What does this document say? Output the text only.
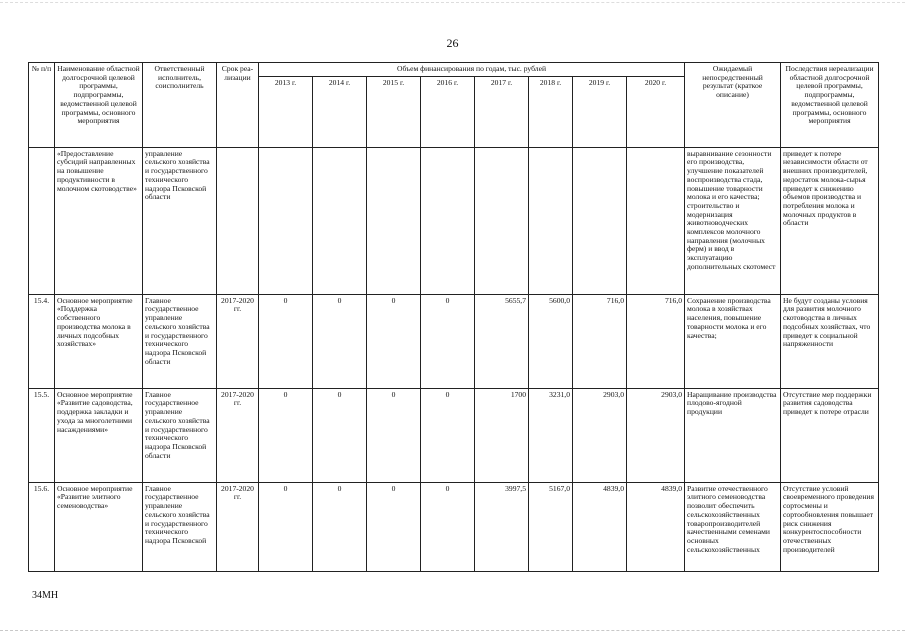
26
№ п/п	Наименование областной долгосрочной целевой программы, подпрограммы, ведомственной целевой программы, основного мероприятия	Ответственный исполнитель, соисполнитель	Срок реа-лизации	Объем финансирования по годам, тыс. рублей								Ожидаемый непосредственный результат (краткое описание)	Последствия нереализации областной долгосрочной целевой программы, подпрограммы, ведомственной целевой программы, основного мероприятия
				2013 г.	2014 г.	2015 г.	2016 г.	2017 г.	2018 г.	2019 г.	2020 г.		
	«Предоставление субсидий направленных на повышение продуктивности в молочном скотоводстве»	управление сельского хозяйства и государственного технического надзора Псковской области										выравнивание сезонности его производства, улучшение показателей воспроизводства стада, повышение товарности молока и его качества; строительство и модернизация животноводческих комплексов молочного направления (молочных ферм) и ввод в эксплуатацию дополнительных скотомест	приведет к потере независимости области от внешних производителей, недостаток молока-сырья приведет к снижению объемов производства и потребления молока и молочных продуктов в области
15.4.	Основное мероприятие «Поддержка собственного производства молока в личных подсобных хозяйствах»	Главное государственное управление сельского хозяйства и государственного технического надзора Псковской области	2017-2020 гг.	0	0	0	0	5655,7	5600,0	716,0	716,0	Сохранение производства молока в хозяйствах населения, повышение товарности молока и его качества;	Не будут созданы условия для развития молочного скотоводства в личных подсобных хозяйствах, что приведет к социальной напряженности
15.5.	Основное мероприятие «Развитие садоводства, поддержка закладки и ухода за многолетними насаждениями»	Главное государственное управление сельского хозяйства и государственного технического надзора Псковской области	2017-2020 гг.	0	0	0	0	1700	3231,0	2903,0	2903,0	Наращивание производства плодово-ягодной продукции	Отсутствие мер поддержки развития садоводства приведет к потере отрасли
15.6.	Основное мероприятие «Развитие элитного семеноводства»	Главное государственное управление сельского хозяйства и государственного технического надзора Псковской	2017-2020 гг.	0	0	0	0	3997,5	5167,0	4839,0	4839,0	Развитие отечественного элитного семеноводства позволит обеспечить сельскохозяйственных товаропроизводителей качественными семенами основных сельскохозяйственных	Отсутствие условий своевременного проведения сортосмены и сортообновления повышает риск снижения конкурентоспособности отечественных производителей
34МН
